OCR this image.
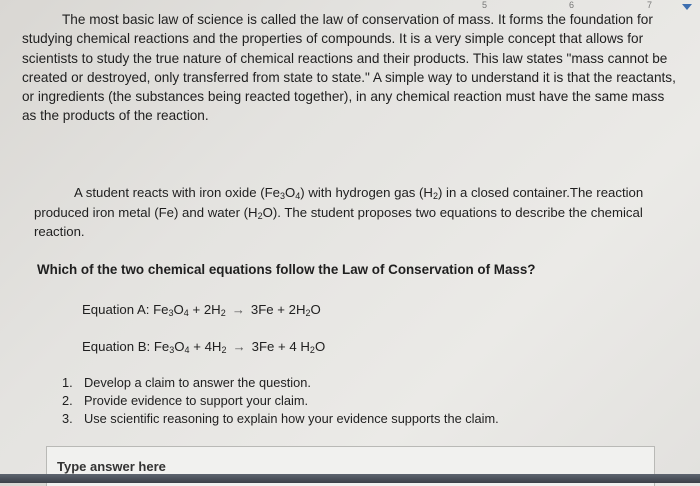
5	6	7

The most basic law of science is called the law of conservation of mass. It forms the foundation for studying chemical reactions and the properties of compounds. It is a very simple concept that allows for scientists to study the true nature of chemical reactions and their products. This law states "mass cannot be created or destroyed, only transferred from state to state." A simple way to understand it is that the reactants, or ingredients (the substances being reacted together), in any chemical reaction must have the same mass as the products of the reaction.

A student reacts with iron oxide $(Fe_3O_4)$ with hydrogen gas $(H_2)$ in a closed container.The reaction produced iron metal (Fe) and water $(H_2O)$. The student proposes two equations to describe the chemical reaction.

Which of the two chemical equations follow the Law of Conservation of Mass?
Equation A: $Fe_3O_4 + 2H_2 \to 3Fe + 2H_2O$
Equation B: $Fe_3O_4 + 4H_2 \to 3Fe + 4$ $H_2O$
1. Develop a claim to answer the question.
2. Provide evidence to support your claim.
3. Use scientific reasoning to explain how your evidence supports the claim.
Type answer here
